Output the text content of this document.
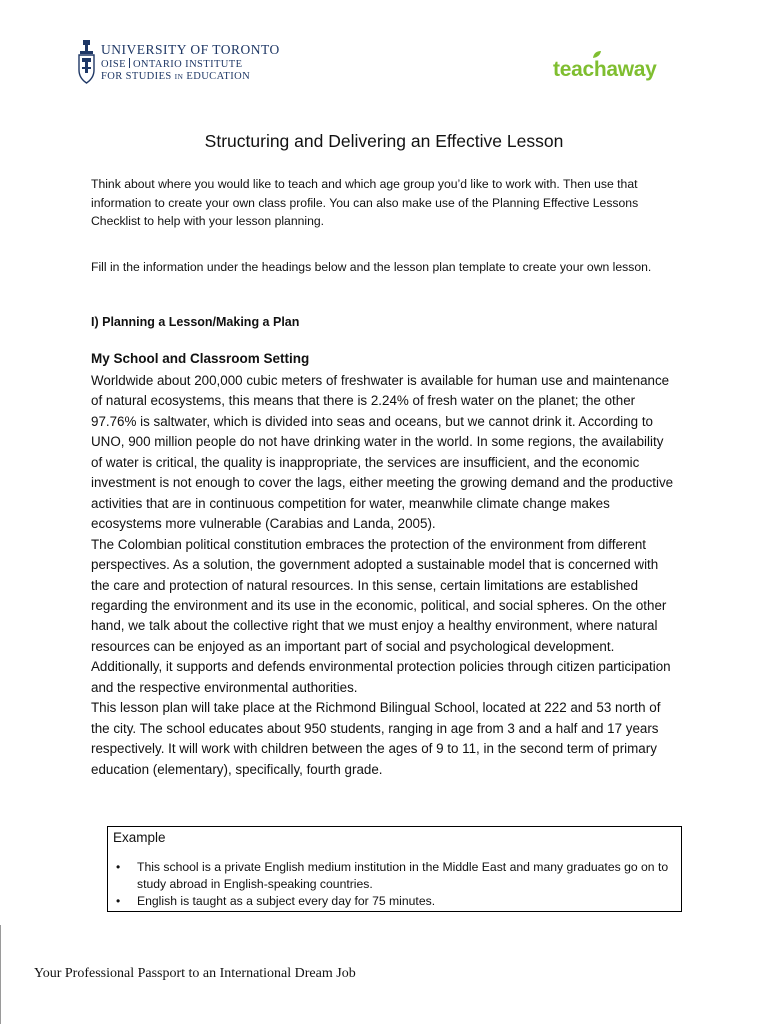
UNIVERSITY OF TORONTO
OISE ONTARIO INSTITUTE
FOR STUDIES IN EDUCATION	teachaway
Structuring and Delivering an Effective Lesson
Think about where you would like to teach and which age group you’d like to work with. Then use that information to create your own class profile. You can also make use of the Planning Effective Lessons Checklist to help with your lesson planning.
Fill in the information under the headings below and the lesson plan template to create your own lesson.
I) Planning a Lesson/Making a Plan
My School and Classroom Setting

Worldwide about 200,000 cubic meters of freshwater is available for human use and maintenance of natural ecosystems, this means that there is 2.24% of fresh water on the planet; the other 97.76% is saltwater, which is divided into seas and oceans, but we cannot drink it. According to UNO, 900 million people do not have drinking water in the world. In some regions, the availability of water is critical, the quality is inappropriate, the services are insufficient, and the economic investment is not enough to cover the lags, either meeting the growing demand and the productive activities that are in continuous competition for water, meanwhile climate change makes ecosystems more vulnerable (Carabias and Landa, 2005).

The Colombian political constitution embraces the protection of the environment from different perspectives. As a solution, the government adopted a sustainable model that is concerned with the care and protection of natural resources. In this sense, certain limitations are established regarding the environment and its use in the economic, political, and social spheres. On the other hand, we talk about the collective right that we must enjoy a healthy environment, where natural resources can be enjoyed as an important part of social and psychological development. Additionally, it supports and defends environmental protection policies through citizen participation and the respective environmental authorities.

This lesson plan will take place at the Richmond Bilingual School, located at 222 and 53 north of the city. The school educates about 950 students, ranging in age from 3 and a half and 17 years respectively. It will work with children between the ages of 9 to 11, in the second term of primary education (elementary), specifically, fourth grade.

Example
• This school is a private English medium institution in the Middle East and many graduates go on to study abroad in English-speaking countries.
• English is taught as a subject every day for 75 minutes.
Your Professional Passport to an International Dream Job
